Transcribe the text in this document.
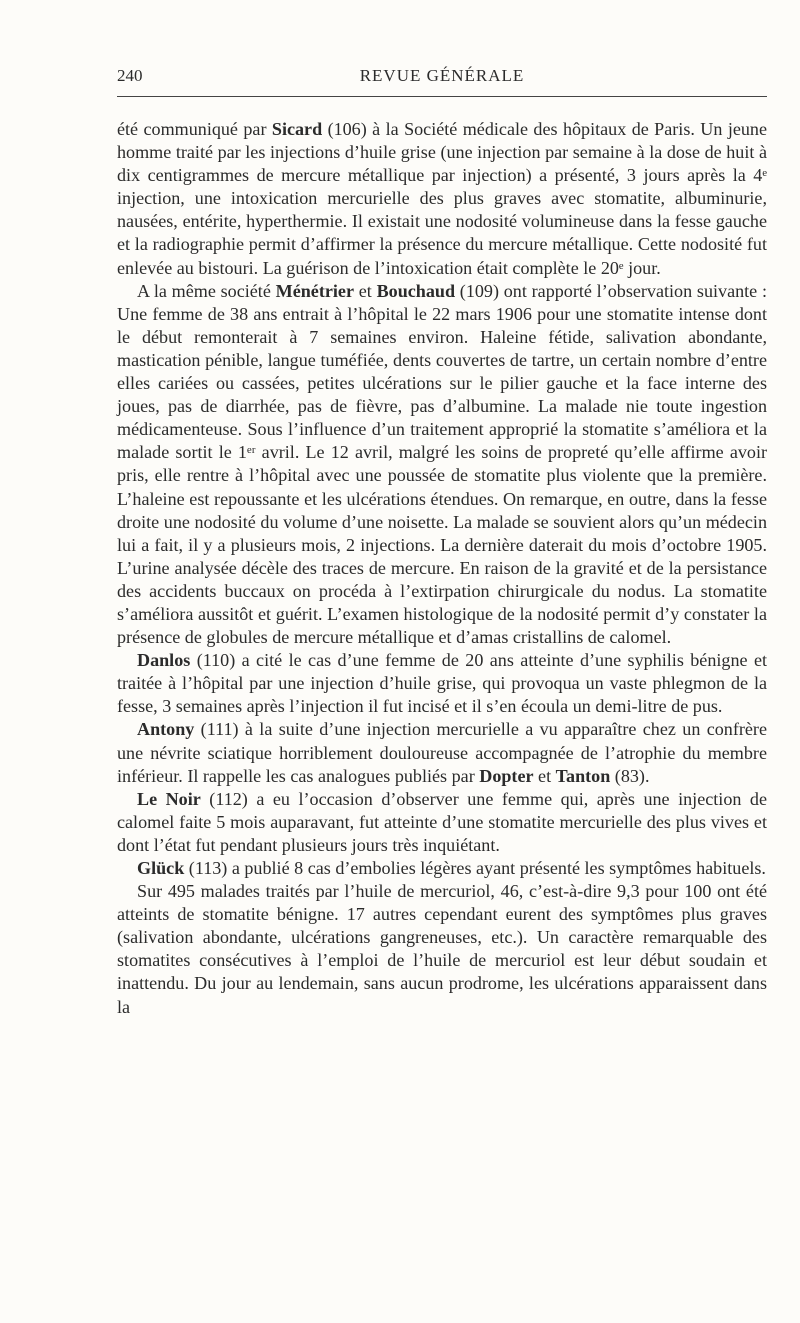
240	REVUE GÉNÉRALE

été communiqué par Sicard (106) à la Société médicale des hôpitaux de Paris. Un jeune homme traité par les injections d’huile grise (une injection par semaine à la dose de huit à dix centigrammes de mercure métallique par injection) a présenté, 3 jours après la 4ᵉ injection, une intoxication mercurielle des plus graves avec stomatite, albuminurie, nausées, entérite, hyperthermie. Il existait une nodosité volumineuse dans la fesse gauche et la radiographie permit d’affirmer la présence du mercure métallique. Cette nodosité fut enlevée au bistouri. La guérison de l’intoxication était complète le 20ᵉ jour.

A la même société Ménétrier et Bouchaud (109) ont rapporté l’observation suivante : Une femme de 38 ans entrait à l’hôpital le 22 mars 1906 pour une stomatite intense dont le début remonterait à 7 semaines environ. Haleine fétide, salivation abondante, mastication pénible, langue tuméfiée, dents couvertes de tartre, un certain nombre d’entre elles cariées ou cassées, petites ulcérations sur le pilier gauche et la face interne des joues, pas de diarrhée, pas de fièvre, pas d’albumine. La malade nie toute ingestion médicamenteuse. Sous l’influence d’un traitement approprié la stomatite s’améliora et la malade sortit le 1ᵉʳ avril. Le 12 avril, malgré les soins de propreté qu’elle affirme avoir pris, elle rentre à l’hôpital avec une poussée de stomatite plus violente que la première. L’haleine est repoussante et les ulcérations étendues. On remarque, en outre, dans la fesse droite une nodosité du volume d’une noisette. La malade se souvient alors qu’un médecin lui a fait, il y a plusieurs mois, 2 injections. La dernière daterait du mois d’octobre 1905. L’urine analysée décèle des traces de mercure. En raison de la gravité et de la persistance des accidents buccaux on procéda à l’extirpation chirurgicale du nodus. La stomatite s’améliora aussitôt et guérit. L’examen histologique de la nodosité permit d’y constater la présence de globules de mercure métallique et d’amas cristallins de calomel.

Danlos (110) a cité le cas d’une femme de 20 ans atteinte d’une syphilis bénigne et traitée à l’hôpital par une injection d’huile grise, qui provoqua un vaste phlegmon de la fesse, 3 semaines après l’injection il fut incisé et il s’en écoula un demi-litre de pus.

Antony (111) à la suite d’une injection mercurielle a vu apparaître chez un confrère une névrite sciatique horriblement douloureuse accompagnée de l’atrophie du membre inférieur. Il rappelle les cas analogues publiés par Dopter et Tanton (83).

Le Noir (112) a eu l’occasion d’observer une femme qui, après une injection de calomel faite 5 mois auparavant, fut atteinte d’une stomatite mercurielle des plus vives et dont l’état fut pendant plusieurs jours très inquiétant.

Glück (113) a publié 8 cas d’embolies légères ayant présenté les symptômes habituels.

Sur 495 malades traités par l’huile de mercuriol, 46, c’est-à-dire 9,3 pour 100 ont été atteints de stomatite bénigne. 17 autres cependant eurent des symptômes plus graves (salivation abondante, ulcérations gangreneuses, etc.). Un caractère remarquable des stomatites consécutives à l’emploi de l’huile de mercuriol est leur début soudain et inattendu. Du jour au lendemain, sans aucun prodrome, les ulcérations apparaissent dans la
